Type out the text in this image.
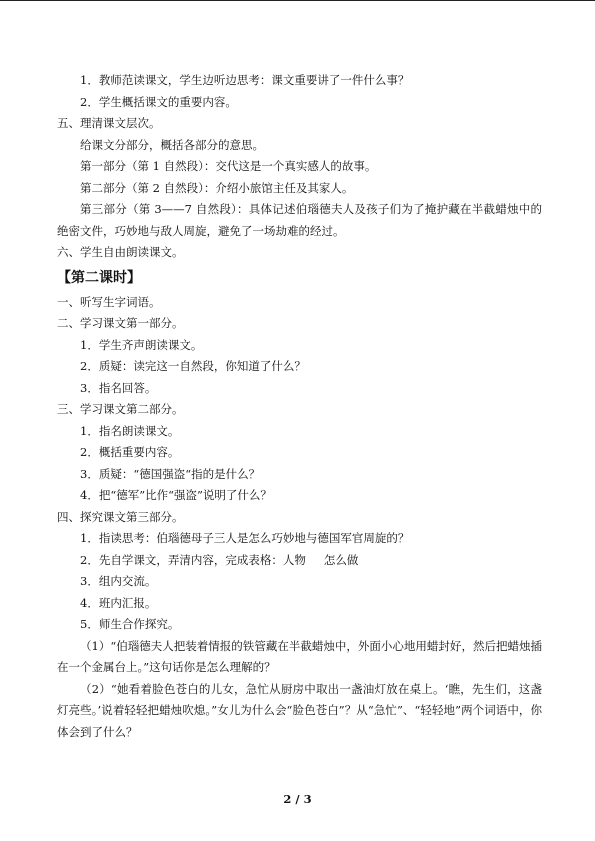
1．教师范读课文，学生边听边思考：课文重要讲了一件什么事？
2．学生概括课文的重要内容。
五、理清课文层次。
给课文分部分，概括各部分的意思。
第一部分（第 1 自然段）：交代这是一个真实感人的故事。
第二部分（第 2 自然段）：介绍小旅馆主任及其家人。
第三部分（第 3——7 自然段）：具体记述伯瑙德夫人及孩子们为了掩护藏在半截蜡烛中的绝密文件，巧妙地与敌人周旋，避免了一场劫难的经过。
六、学生自由朗读课文。
【第二课时】
一、听写生字词语。
二、学习课文第一部分。
1．学生齐声朗读课文。
2．质疑：读完这一自然段，你知道了什么？
3．指名回答。
三、学习课文第二部分。
1．指名朗读课文。
2．概括重要内容。
3．质疑：“德国强盗“指的是什么？
4．把“德军”比作“强盗”说明了什么？
四、探究课文第三部分。
1．指读思考：伯瑙德母子三人是怎么巧妙地与德国军官周旋的？
2．先自学课文，弄清内容，完成表格：人物 怎么做
3．组内交流。
4．班内汇报。
5．师生合作探究。
（1）“伯瑙德夫人把装着情报的铁管藏在半截蜡烛中，外面小心地用蜡封好，然后把蜡烛插在一个金属台上。”这句话你是怎么理解的？
（2）“她看着脸色苍白的儿女，急忙从厨房中取出一盏油灯放在桌上。‘瞧，先生们，这盏灯亮些。’说着轻轻把蜡烛吹熄。”女儿为什么会“脸色苍白”？从“急忙”、“轻轻地”两个词语中，你体会到了什么？
2 / 3
